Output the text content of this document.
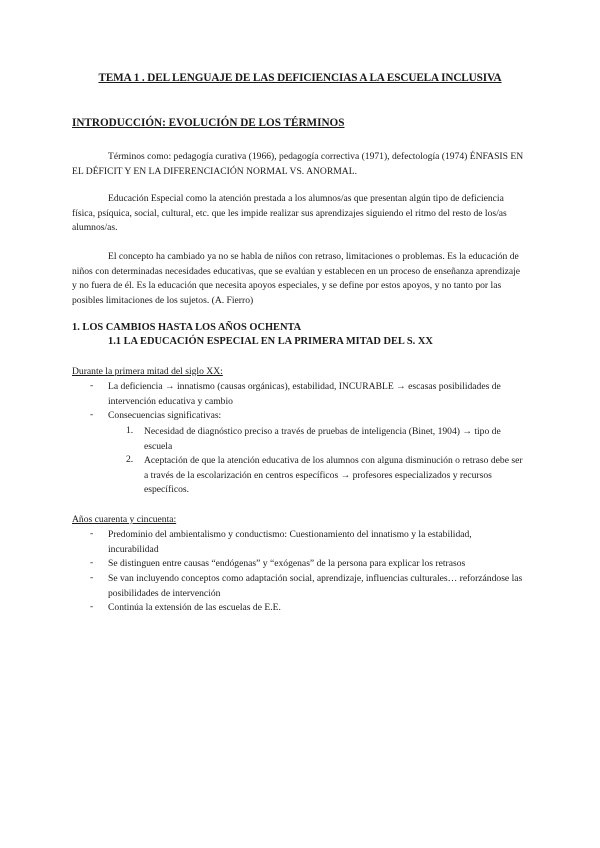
TEMA 1 . DEL LENGUAJE DE LAS DEFICIENCIAS A LA ESCUELA INCLUSIVA
INTRODUCCIÓN: EVOLUCIÓN DE LOS TÉRMINOS
Términos como: pedagogía curativa (1966), pedagogía correctiva (1971), defectología (1974) ÉNFASIS EN EL DÉFICIT Y EN LA DIFERENCIACIÓN NORMAL VS. ANORMAL.
Educación Especial como la atención prestada a los alumnos/as que presentan algún tipo de deficiencia física, psíquica, social, cultural, etc. que les impide realizar sus aprendizajes siguiendo el ritmo del resto de los/as alumnos/as.
El concepto ha cambiado ya no se habla de niños con retraso, limitaciones o problemas. Es la educación de niños con determinadas necesidades educativas, que se evalúan y establecen en un proceso de enseñanza aprendizaje y no fuera de él. Es la educación que necesita apoyos especiales, y se define por estos apoyos, y no tanto por las posibles limitaciones de los sujetos. (A. Fierro)
1. LOS CAMBIOS HASTA LOS AÑOS OCHENTA
1.1 LA EDUCACIÓN ESPECIAL EN LA PRIMERA MITAD DEL S. XX
Durante la primera mitad del siglo XX:
- La deficiencia → innatismo (causas orgánicas), estabilidad, INCURABLE → escasas posibilidades de intervención educativa y cambio
- Consecuencias significativas:
1. Necesidad de diagnóstico preciso a través de pruebas de inteligencia (Binet, 1904) → tipo de escuela
2. Aceptación de que la atención educativa de los alumnos con alguna disminución o retraso debe ser a través de la escolarización en centros específicos → profesores especializados y recursos específicos.
Años cuarenta y cincuenta:
- Predominio del ambientalismo y conductismo: Cuestionamiento del innatismo y la estabilidad, incurabilidad
- Se distinguen entre causas “endógenas” y “exógenas” de la persona para explicar los retrasos
- Se van incluyendo conceptos como adaptación social, aprendizaje, influencias culturales… reforzándose las posibilidades de intervención
- Continúa la extensión de las escuelas de E.E.
